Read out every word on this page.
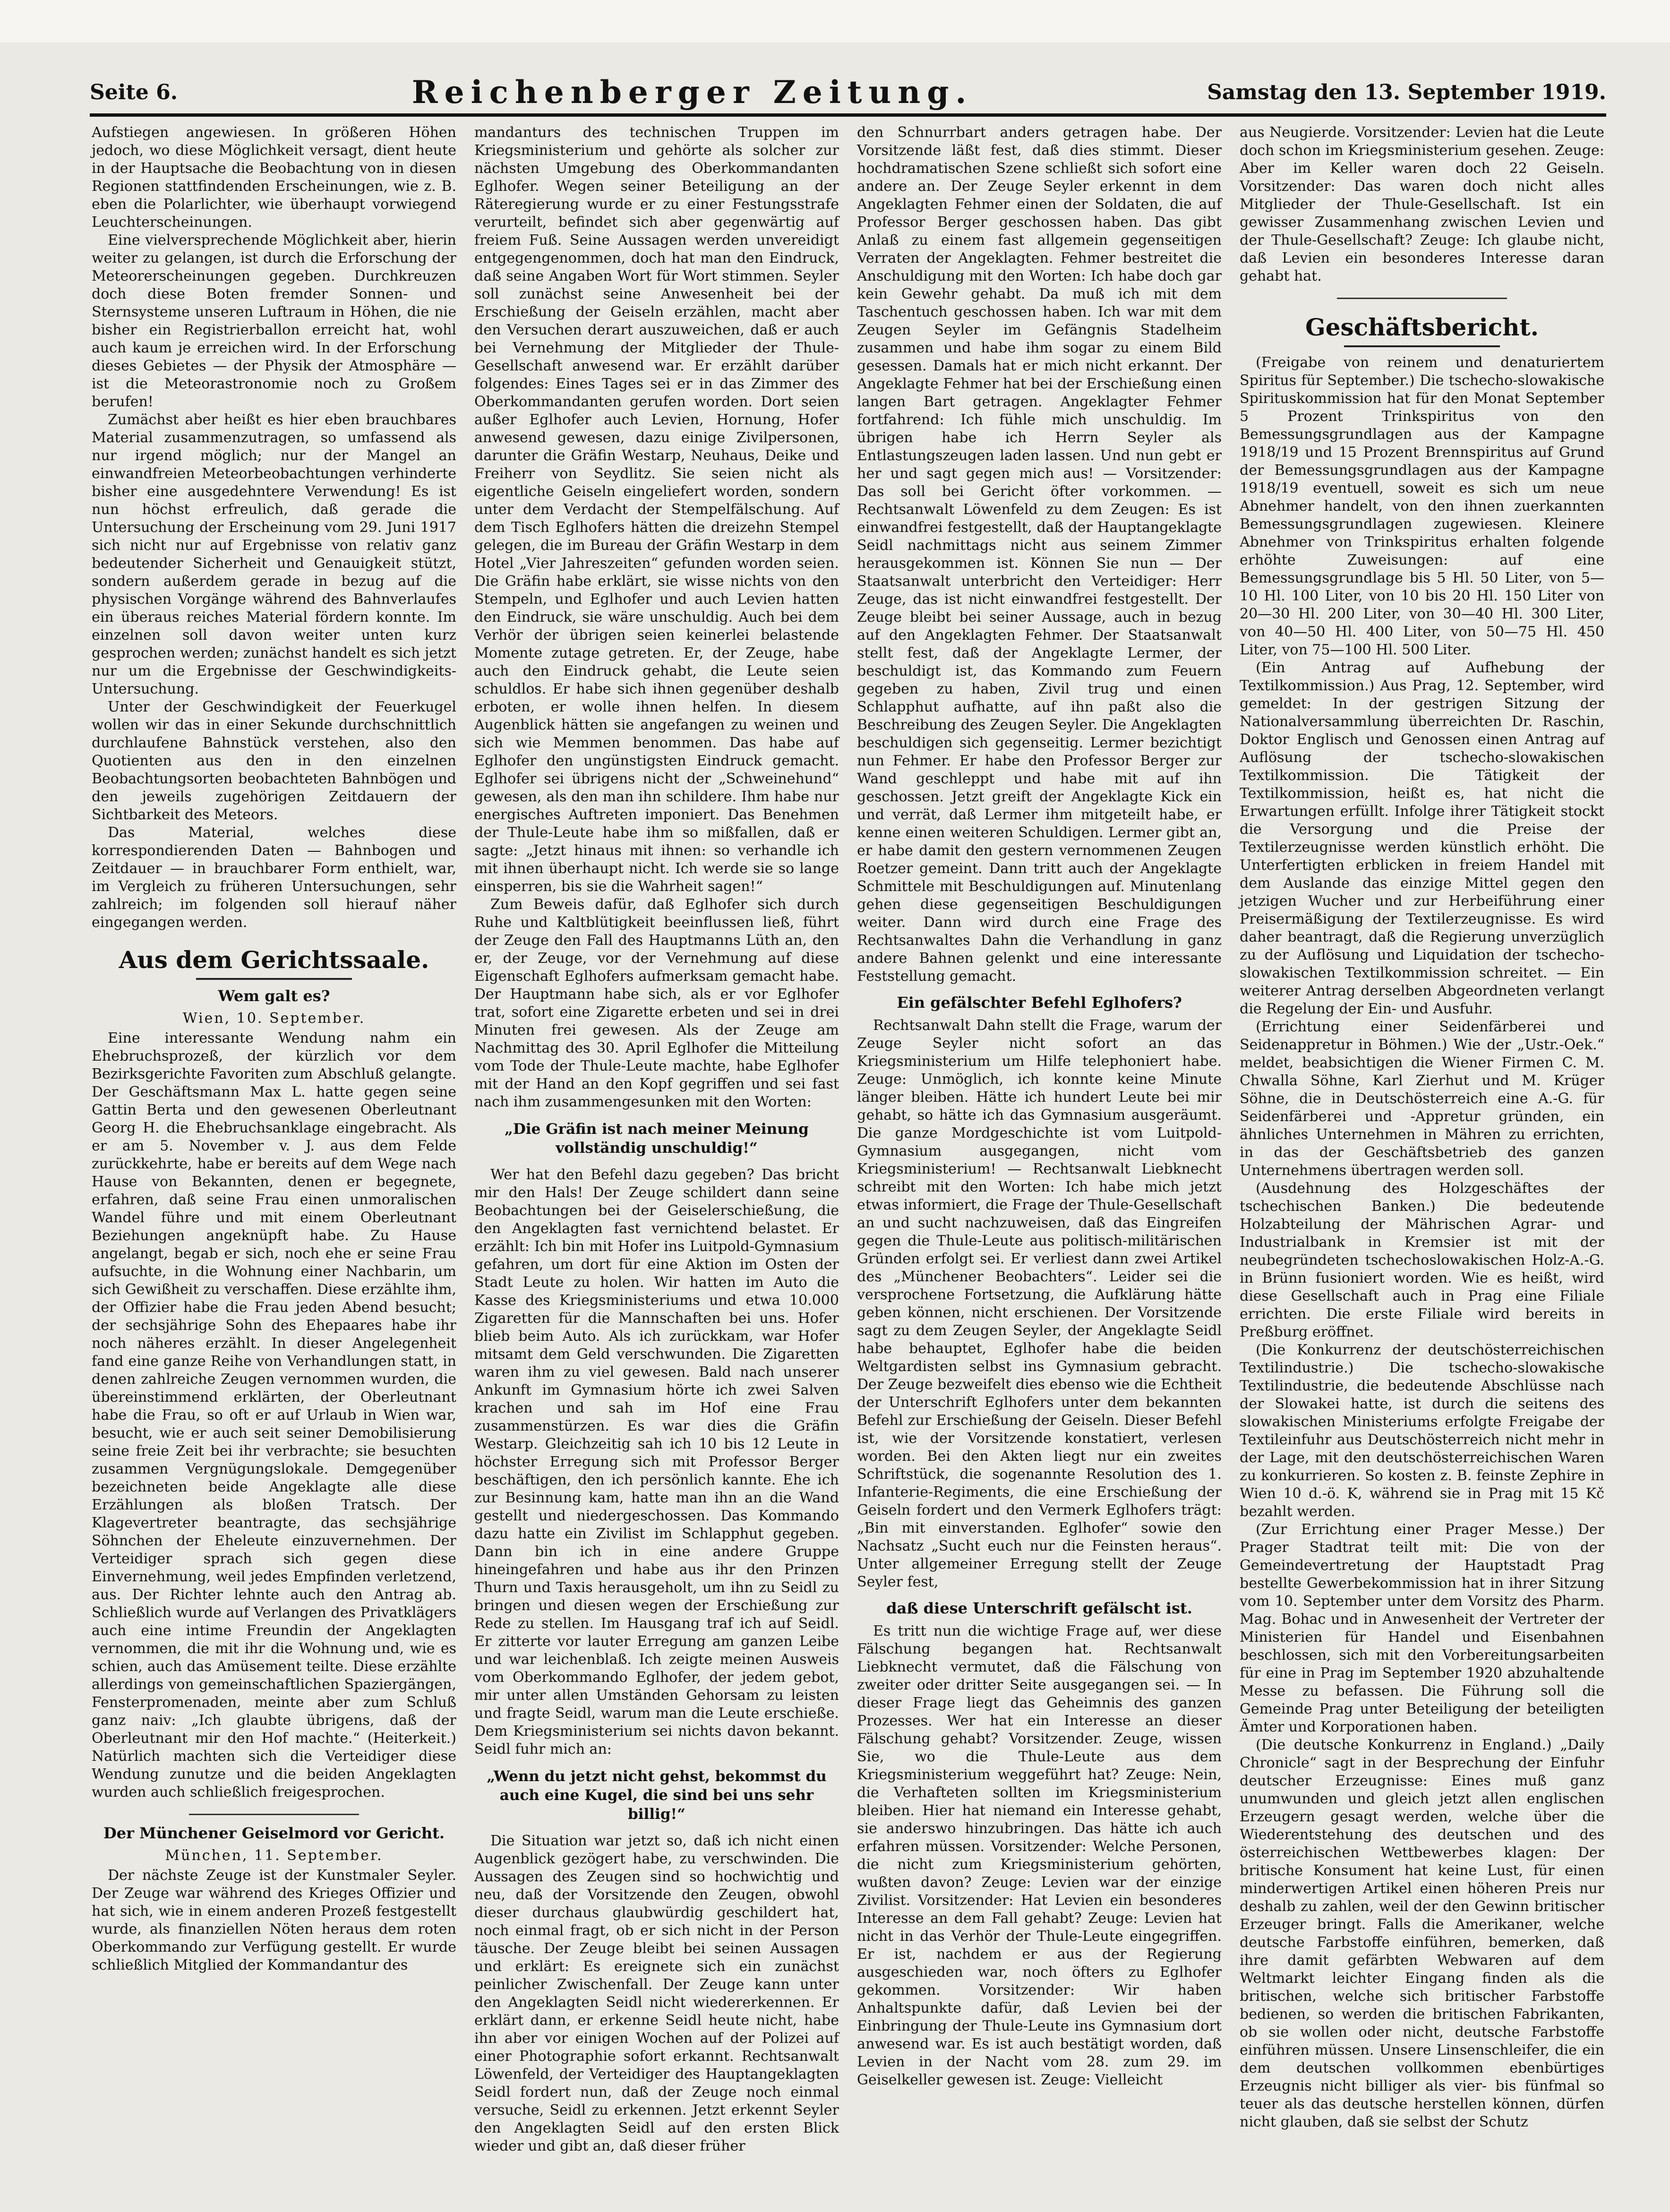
Seite 6.	Reichenberger Zeitung.	Samstag den 13. September 1919.

Aufstiegen angewiesen. In größeren Höhen jedoch, wo diese Möglichkeit versagt, dient heute in der Hauptsache die Beobachtung von in diesen Regionen stattfindenden Erscheinungen, wie z. B. eben die Polarlichter, wie überhaupt vorwiegend Leuchterscheinungen.

Eine vielversprechende Möglichkeit aber, hierin weiter zu gelangen, ist durch die Erforschung der Meteorerscheinungen gegeben. Durchkreuzen doch diese Boten fremder Sonnen- und Sternsysteme unseren Luftraum in Höhen, die nie bisher ein Registrierballon erreicht hat, wohl auch kaum je erreichen wird. In der Erforschung dieses Gebietes — der Physik der Atmosphäre — ist die Meteorastronomie noch zu Großem berufen!

Zumächst aber heißt es hier eben brauchbares Material zusammenzutragen, so umfassend als nur irgend möglich; nur der Mangel an einwandfreien Meteorbeobachtungen verhinderte bisher eine ausgedehntere Verwendung! Es ist nun höchst erfreulich, daß gerade die Untersuchung der Erscheinung vom 29. Juni 1917 sich nicht nur auf Ergebnisse von relativ ganz bedeutender Sicherheit und Genauigkeit stützt, sondern außerdem gerade in bezug auf die physischen Vorgänge während des Bahnverlaufes ein überaus reiches Material fördern konnte. Im einzelnen soll davon weiter unten kurz gesprochen werden; zunächst handelt es sich jetzt nur um die Ergebnisse der Geschwindigkeits-Untersuchung.

Unter der Geschwindigkeit der Feuerkugel wollen wir das in einer Sekunde durchschnittlich durchlaufene Bahnstück verstehen, also den Quotienten aus den in den einzelnen Beobachtungsorten beobachteten Bahnbögen und den jeweils zugehörigen Zeitdauern der Sichtbarkeit des Meteors.

Das Material, welches diese korrespondierenden Daten — Bahnbogen und Zeitdauer — in brauchbarer Form enthielt, war, im Vergleich zu früheren Untersuchungen, sehr zahlreich; im folgenden soll hierauf näher eingegangen werden.

Aus dem Gerichtssaale.
Wem galt es?
Wien, 10. September.

Eine interessante Wendung nahm ein Ehebruchsprozeß, der kürzlich vor dem Bezirksgerichte Favoriten zum Abschluß gelangte. Der Geschäftsmann Max L. hatte gegen seine Gattin Berta und den gewesenen Oberleutnant Georg H. die Ehebruchsanklage eingebracht. Als er am 5. November v. J. aus dem Felde zurückkehrte, habe er bereits auf dem Wege nach Hause von Bekannten, denen er begegnete, erfahren, daß seine Frau einen unmoralischen Wandel führe und mit einem Oberleutnant Beziehungen angeknüpft habe. Zu Hause angelangt, begab er sich, noch ehe er seine Frau aufsuchte, in die Wohnung einer Nachbarin, um sich Gewißheit zu verschaffen. Diese erzählte ihm, der Offizier habe die Frau jeden Abend besucht; der sechsjährige Sohn des Ehepaares habe ihr noch näheres erzählt. In dieser Angelegenheit fand eine ganze Reihe von Verhandlungen statt, in denen zahlreiche Zeugen vernommen wurden, die übereinstimmend erklärten, der Oberleutnant habe die Frau, so oft er auf Urlaub in Wien war, besucht, wie er auch seit seiner Demobilisierung seine freie Zeit bei ihr verbrachte; sie besuchten zusammen Vergnügungslokale. Demgegenüber bezeichneten beide Angeklagte alle diese Erzählungen als bloßen Tratsch. Der Klagevertreter beantragte, das sechsjährige Söhnchen der Eheleute einzuvernehmen. Der Verteidiger sprach sich gegen diese Einvernehmung, weil jedes Empfinden verletzend, aus. Der Richter lehnte auch den Antrag ab. Schließlich wurde auf Verlangen des Privatklägers auch eine intime Freundin der Angeklagten vernommen, die mit ihr die Wohnung und, wie es schien, auch das Amüsement teilte. Diese erzählte allerdings von gemeinschaftlichen Spaziergängen, Fensterpromenaden, meinte aber zum Schluß ganz naiv: „Ich glaubte übrigens, daß der Oberleutnant mir den Hof machte.“ (Heiterkeit.) Natürlich machten sich die Verteidiger diese Wendung zunutze und die beiden Angeklagten wurden auch schließlich freigesprochen.

Der Münchener Geiselmord vor Gericht.
München, 11. September.

Der nächste Zeuge ist der Kunstmaler Seyler. Der Zeuge war während des Krieges Offizier und hat sich, wie in einem anderen Prozeß festgestellt wurde, als finanziellen Nöten heraus dem roten Oberkommando zur Verfügung gestellt. Er wurde schließlich Mitglied der Kommandantur des

mandanturs des technischen Truppen im Kriegsministerium und gehörte als solcher zur nächsten Umgebung des Oberkommandanten Eglhofer. Wegen seiner Beteiligung an der Räteregierung wurde er zu einer Festungsstrafe verurteilt, befindet sich aber gegenwärtig auf freiem Fuß. Seine Aussagen werden unvereidigt entgegengenommen, doch hat man den Eindruck, daß seine Angaben Wort für Wort stimmen. Seyler soll zunächst seine Anwesenheit bei der Erschießung der Geiseln erzählen, macht aber den Versuchen derart auszuweichen, daß er auch bei Vernehmung der Mitglieder der Thule-Gesellschaft anwesend war. Er erzählt darüber folgendes: Eines Tages sei er in das Zimmer des Oberkommandanten gerufen worden. Dort seien außer Eglhofer auch Levien, Hornung, Hofer anwesend gewesen, dazu einige Zivilpersonen, darunter die Gräfin Westarp, Neuhaus, Deike und Freiherr von Seydlitz. Sie seien nicht als eigentliche Geiseln eingeliefert worden, sondern unter dem Verdacht der Stempelfälschung. Auf dem Tisch Eglhofers hätten die dreizehn Stempel gelegen, die im Bureau der Gräfin Westarp in dem Hotel „Vier Jahreszeiten“ gefunden worden seien. Die Gräfin habe erklärt, sie wisse nichts von den Stempeln, und Eglhofer und auch Levien hatten den Eindruck, sie wäre unschuldig. Auch bei dem Verhör der übrigen seien keinerlei belastende Momente zutage getreten. Er, der Zeuge, habe auch den Eindruck gehabt, die Leute seien schuldlos. Er habe sich ihnen gegenüber deshalb erboten, er wolle ihnen helfen. In diesem Augenblick hätten sie angefangen zu weinen und sich wie Memmen benommen. Das habe auf Eglhofer den ungünstigsten Eindruck gemacht. Eglhofer sei übrigens nicht der „Schweinehund“ gewesen, als den man ihn schildere. Ihm habe nur energisches Auftreten imponiert. Das Benehmen der Thule-Leute habe ihm so mißfallen, daß er sagte: „Jetzt hinaus mit ihnen: so verhandle ich mit ihnen überhaupt nicht. Ich werde sie so lange einsperren, bis sie die Wahrheit sagen!“

Zum Beweis dafür, daß Eglhofer sich durch Ruhe und Kaltblütigkeit beeinflussen ließ, führt der Zeuge den Fall des Hauptmanns Lüth an, den er, der Zeuge, vor der Vernehmung auf diese Eigenschaft Eglhofers aufmerksam gemacht habe. Der Hauptmann habe sich, als er vor Eglhofer trat, sofort eine Zigarette erbeten und sei in drei Minuten frei gewesen. Als der Zeuge am Nachmittag des 30. April Eglhofer die Mitteilung vom Tode der Thule-Leute machte, habe Eglhofer mit der Hand an den Kopf gegriffen und sei fast nach ihm zusammengesunken mit den Worten:

„Die Gräfin ist nach meiner Meinung vollständig unschuldig!“

Wer hat den Befehl dazu gegeben? Das bricht mir den Hals! Der Zeuge schildert dann seine Beobachtungen bei der Geiselerschießung, die den Angeklagten fast vernichtend belastet. Er erzählt: Ich bin mit Hofer ins Luitpold-Gymnasium gefahren, um dort für eine Aktion im Osten der Stadt Leute zu holen. Wir hatten im Auto die Kasse des Kriegsministeriums und etwa 10.000 Zigaretten für die Mannschaften bei uns. Hofer blieb beim Auto. Als ich zurückkam, war Hofer mitsamt dem Geld verschwunden. Die Zigaretten waren ihm zu viel gewesen. Bald nach unserer Ankunft im Gymnasium hörte ich zwei Salven krachen und sah im Hof eine Frau zusammenstürzen. Es war dies die Gräfin Westarp. Gleichzeitig sah ich 10 bis 12 Leute in höchster Erregung sich mit Professor Berger beschäftigen, den ich persönlich kannte. Ehe ich zur Besinnung kam, hatte man ihn an die Wand gestellt und niedergeschossen. Das Kommando dazu hatte ein Zivilist im Schlapphut gegeben. Dann bin ich in eine andere Gruppe hineingefahren und habe aus ihr den Prinzen Thurn und Taxis herausgeholt, um ihn zu Seidl zu bringen und diesen wegen der Erschießung zur Rede zu stellen. Im Hausgang traf ich auf Seidl. Er zitterte vor lauter Erregung am ganzen Leibe und war leichenblaß. Ich zeigte meinen Ausweis vom Oberkommando Eglhofer, der jedem gebot, mir unter allen Umständen Gehorsam zu leisten und fragte Seidl, warum man die Leute erschieße. Dem Kriegsministerium sei nichts davon bekannt. Seidl fuhr mich an:

„Wenn du jetzt nicht gehst, bekommst du auch eine Kugel, die sind bei uns sehr billig!“

Die Situation war jetzt so, daß ich nicht einen Augenblick gezögert habe, zu verschwinden. Die Aussagen des Zeugen sind so hochwichtig und neu, daß der Vorsitzende den Zeugen, obwohl dieser durchaus glaubwürdig geschildert hat, noch einmal fragt, ob er sich nicht in der Person täusche. Der Zeuge bleibt bei seinen Aussagen und erklärt: Es ereignete sich ein zunächst peinlicher Zwischenfall. Der Zeuge kann unter den Angeklagten Seidl nicht wiedererkennen. Er erklärt dann, er erkenne Seidl heute nicht, habe ihn aber vor einigen Wochen auf der Polizei auf einer Photographie sofort erkannt. Rechtsanwalt Löwenfeld, der Verteidiger des Hauptangeklagten Seidl fordert nun, daß der Zeuge noch einmal versuche, Seidl zu erkennen. Jetzt erkennt Seyler den Angeklagten Seidl auf den ersten Blick wieder und gibt an, daß dieser früher

den Schnurrbart anders getragen habe. Der Vorsitzende läßt fest, daß dies stimmt. Dieser hochdramatischen Szene schließt sich sofort eine andere an. Der Zeuge Seyler erkennt in dem Angeklagten Fehmer einen der Soldaten, die auf Professor Berger geschossen haben. Das gibt Anlaß zu einem fast allgemein gegenseitigen Verraten der Angeklagten. Fehmer bestreitet die Anschuldigung mit den Worten: Ich habe doch gar kein Gewehr gehabt. Da muß ich mit dem Taschentuch geschossen haben. Ich war mit dem Zeugen Seyler im Gefängnis Stadelheim zusammen und habe ihm sogar zu einem Bild gesessen. Damals hat er mich nicht erkannt. Der Angeklagte Fehmer hat bei der Erschießung einen langen Bart getragen. Angeklagter Fehmer fortfahrend: Ich fühle mich unschuldig. Im übrigen habe ich Herrn Seyler als Entlastungszeugen laden lassen. Und nun gebt er her und sagt gegen mich aus! — Vorsitzender: Das soll bei Gericht öfter vorkommen. — Rechtsanwalt Löwenfeld zu dem Zeugen: Es ist einwandfrei festgestellt, daß der Hauptangeklagte Seidl nachmittags nicht aus seinem Zimmer herausgekommen ist. Können Sie nun — Der Staatsanwalt unterbricht den Verteidiger: Herr Zeuge, das ist nicht einwandfrei festgestellt. Der Zeuge bleibt bei seiner Aussage, auch in bezug auf den Angeklagten Fehmer. Der Staatsanwalt stellt fest, daß der Angeklagte Lermer, der beschuldigt ist, das Kommando zum Feuern gegeben zu haben, Zivil trug und einen Schlapphut aufhatte, auf ihn paßt also die Beschreibung des Zeugen Seyler. Die Angeklagten beschuldigen sich gegenseitig. Lermer bezichtigt nun Fehmer. Er habe den Professor Berger zur Wand geschleppt und habe mit auf ihn geschossen. Jetzt greift der Angeklagte Kick ein und verrät, daß Lermer ihm mitgeteilt habe, er kenne einen weiteren Schuldigen. Lermer gibt an, er habe damit den gestern vernommenen Zeugen Roetzer gemeint. Dann tritt auch der Angeklagte Schmittele mit Beschuldigungen auf. Minutenlang gehen diese gegenseitigen Beschuldigungen weiter. Dann wird durch eine Frage des Rechtsanwaltes Dahn die Verhandlung in ganz andere Bahnen gelenkt und eine interessante Feststellung gemacht.

Ein gefälschter Befehl Eglhofers?

Rechtsanwalt Dahn stellt die Frage, warum der Zeuge Seyler nicht sofort an das Kriegsministerium um Hilfe telephoniert habe. Zeuge: Unmöglich, ich konnte keine Minute länger bleiben. Hätte ich hundert Leute bei mir gehabt, so hätte ich das Gymnasium ausgeräumt. Die ganze Mordgeschichte ist vom Luitpold-Gymnasium ausgegangen, nicht vom Kriegsministerium! — Rechtsanwalt Liebknecht schreibt mit den Worten: Ich habe mich jetzt etwas informiert, die Frage der Thule-Gesellschaft an und sucht nachzuweisen, daß das Eingreifen gegen die Thule-Leute aus politisch-militärischen Gründen erfolgt sei. Er verliest dann zwei Artikel des „Münchener Beobachters“. Leider sei die versprochene Fortsetzung, die Aufklärung hätte geben können, nicht erschienen. Der Vorsitzende sagt zu dem Zeugen Seyler, der Angeklagte Seidl habe behauptet, Eglhofer habe die beiden Weltgardisten selbst ins Gymnasium gebracht. Der Zeuge bezweifelt dies ebenso wie die Echtheit der Unterschrift Eglhofers unter dem bekannten Befehl zur Erschießung der Geiseln. Dieser Befehl ist, wie der Vorsitzende konstatiert, verlesen worden. Bei den Akten liegt nur ein zweites Schriftstück, die sogenannte Resolution des 1. Infanterie-Regiments, die eine Erschießung der Geiseln fordert und den Vermerk Eglhofers trägt: „Bin mit einverstanden. Eglhofer“ sowie den Nachsatz „Sucht euch nur die Feinsten heraus“. Unter allgemeiner Erregung stellt der Zeuge Seyler fest,

daß diese Unterschrift gefälscht ist.

Es tritt nun die wichtige Frage auf, wer diese Fälschung begangen hat. Rechtsanwalt Liebknecht vermutet, daß die Fälschung von zweiter oder dritter Seite ausgegangen sei. — In dieser Frage liegt das Geheimnis des ganzen Prozesses. Wer hat ein Interesse an dieser Fälschung gehabt? Vorsitzender. Zeuge, wissen Sie, wo die Thule-Leute aus dem Kriegsministerium weggeführt hat? Zeuge: Nein, die Verhafteten sollten im Kriegsministerium bleiben. Hier hat niemand ein Interesse gehabt, sie anderswo hinzubringen. Das hätte ich auch erfahren müssen. Vorsitzender: Welche Personen, die nicht zum Kriegsministerium gehörten, wußten davon? Zeuge: Levien war der einzige Zivilist. Vorsitzender: Hat Levien ein besonderes Interesse an dem Fall gehabt? Zeuge: Levien hat nicht in das Verhör der Thule-Leute eingegriffen. Er ist, nachdem er aus der Regierung ausgeschieden war, noch öfters zu Eglhofer gekommen. Vorsitzender: Wir haben Anhaltspunkte dafür, daß Levien bei der Einbringung der Thule-Leute ins Gymnasium dort anwesend war. Es ist auch bestätigt worden, daß Levien in der Nacht vom 28. zum 29. im Geiselkeller gewesen ist. Zeuge: Vielleicht

aus Neugierde. Vorsitzender: Levien hat die Leute doch schon im Kriegsministerium gesehen. Zeuge: Aber im Keller waren doch 22 Geiseln. Vorsitzender: Das waren doch nicht alles Mitglieder der Thule-Gesellschaft. Ist ein gewisser Zusammenhang zwischen Levien und der Thule-Gesellschaft? Zeuge: Ich glaube nicht, daß Levien ein besonderes Interesse daran gehabt hat.

Geschäftsbericht.

(Freigabe von reinem und denaturiertem Spiritus für September.) Die tschecho-slowakische Spirituskommission hat für den Monat September 5 Prozent Trinkspiritus von den Bemessungsgrundlagen aus der Kampagne 1918/19 und 15 Prozent Brennspiritus auf Grund der Bemessungsgrundlagen aus der Kampagne 1918/19 eventuell, soweit es sich um neue Abnehmer handelt, von den ihnen zuerkannten Bemessungsgrundlagen zugewiesen. Kleinere Abnehmer von Trinkspiritus erhalten folgende erhöhte Zuweisungen: auf eine Bemessungsgrundlage bis 5 Hl. 50 Liter, von 5—10 Hl. 100 Liter, von 10 bis 20 Hl. 150 Liter von 20—30 Hl. 200 Liter, von 30—40 Hl. 300 Liter, von 40—50 Hl. 400 Liter, von 50—75 Hl. 450 Liter, von 75—100 Hl. 500 Liter.

(Ein Antrag auf Aufhebung der Textilkommission.) Aus Prag, 12. September, wird gemeldet: In der gestrigen Sitzung der Nationalversammlung überreichten Dr. Raschin, Doktor Englisch und Genossen einen Antrag auf Auflösung der tschecho-slowakischen Textilkommission. Die Tätigkeit der Textilkommission, heißt es, hat nicht die Erwartungen erfüllt. Infolge ihrer Tätigkeit stockt die Versorgung und die Preise der Textilerzeugnisse werden künstlich erhöht. Die Unterfertigten erblicken in freiem Handel mit dem Auslande das einzige Mittel gegen den jetzigen Wucher und zur Herbeiführung einer Preisermäßigung der Textilerzeugnisse. Es wird daher beantragt, daß die Regierung unverzüglich zu der Auflösung und Liquidation der tschecho-slowakischen Textilkommission schreitet. — Ein weiterer Antrag derselben Abgeordneten verlangt die Regelung der Ein- und Ausfuhr.

(Errichtung einer Seidenfärberei und Seidenappretur in Böhmen.) Wie der „Ustr.-Oek.“ meldet, beabsichtigen die Wiener Firmen C. M. Chwalla Söhne, Karl Zierhut und M. Krüger Söhne, die in Deutschösterreich eine A.-G. für Seidenfärberei und -Appretur gründen, ein ähnliches Unternehmen in Mähren zu errichten, in das der Geschäftsbetrieb des ganzen Unternehmens übertragen werden soll.

(Ausdehnung des Holzgeschäftes der tschechischen Banken.) Die bedeutende Holzabteilung der Mährischen Agrar- und Industrialbank in Kremsier ist mit der neubegründeten tschechoslowakischen Holz-A.-G. in Brünn fusioniert worden. Wie es heißt, wird diese Gesellschaft auch in Prag eine Filiale errichten. Die erste Filiale wird bereits in Preßburg eröffnet.

(Die Konkurrenz der deutschösterreichischen Textilindustrie.) Die tschecho-slowakische Textilindustrie, die bedeutende Abschlüsse nach der Slowakei hatte, ist durch die seitens des slowakischen Ministeriums erfolgte Freigabe der Textileinfuhr aus Deutschösterreich nicht mehr in der Lage, mit den deutschösterreichischen Waren zu konkurrieren. So kosten z. B. feinste Zephire in Wien 10 d.-ö. K, während sie in Prag mit 15 Kč bezahlt werden.

(Zur Errichtung einer Prager Messe.) Der Prager Stadtrat teilt mit: Die von der Gemeindevertretung der Hauptstadt Prag bestellte Gewerbekommission hat in ihrer Sitzung vom 10. September unter dem Vorsitz des Pharm. Mag. Bohac und in Anwesenheit der Vertreter der Ministerien für Handel und Eisenbahnen beschlossen, sich mit den Vorbereitungsarbeiten für eine in Prag im September 1920 abzuhaltende Messe zu befassen. Die Führung soll die Gemeinde Prag unter Beteiligung der beteiligten Ämter und Korporationen haben.

(Die deutsche Konkurrenz in England.) „Daily Chronicle“ sagt in der Besprechung der Einfuhr deutscher Erzeugnisse: Eines muß ganz unumwunden und gleich jetzt allen englischen Erzeugern gesagt werden, welche über die Wiederentstehung des deutschen und des österreichischen Wettbewerbes klagen: Der britische Konsument hat keine Lust, für einen minderwertigen Artikel einen höheren Preis nur deshalb zu zahlen, weil der den Gewinn britischer Erzeuger bringt. Falls die Amerikaner, welche deutsche Farbstoffe einführen, bemerken, daß ihre damit gefärbten Webwaren auf dem Weltmarkt leichter Eingang finden als die britischen, welche sich britischer Farbstoffe bedienen, so werden die britischen Fabrikanten, ob sie wollen oder nicht, deutsche Farbstoffe einführen müssen. Unsere Linsenschleifer, die ein dem deutschen vollkommen ebenbürtiges Erzeugnis nicht billiger als vier- bis fünfmal so teuer als das deutsche herstellen können, dürfen nicht glauben, daß sie selbst der Schutz
